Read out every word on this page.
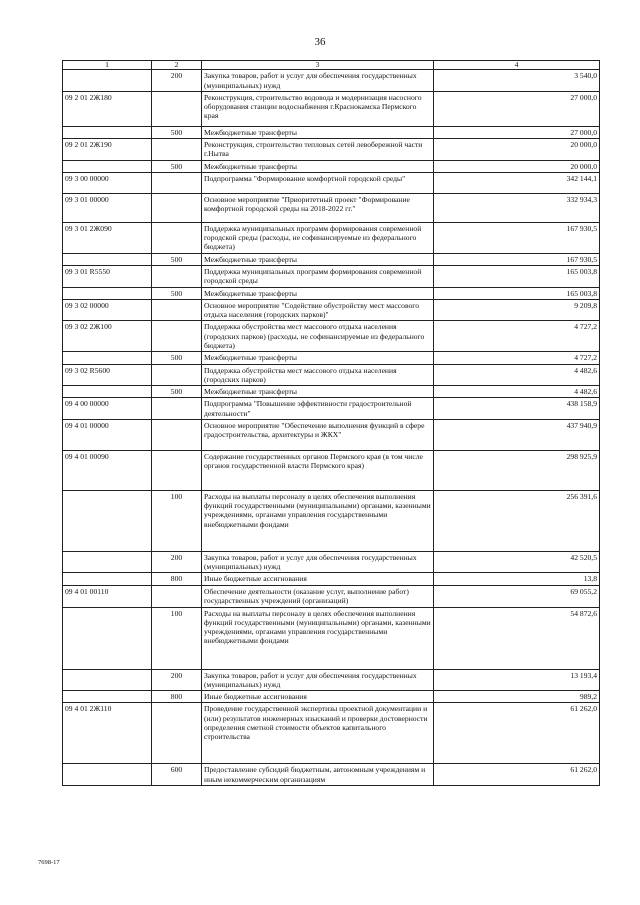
36
1	2	3	4
	200	Закупка товаров, работ и услуг для обеспечения государственных (муниципальных) нужд	3 540,0
09 2 01 2Ж180		Реконструкция, строительство водовода и модернизация насосного оборудования станции водоснабжения г.Краснокамска Пермского края	27 000,0
	500	Межбюджетные трансферты	27 000,0
09 2 01 2Ж190		Реконструкция, строительство тепловых сетей левобережной части г.Нытва	20 000,0
	500	Межбюджетные трансферты	20 000,0
09 3 00 00000		Подпрограмма "Формирование комфортной городской среды"	342 144,1
09 3 01 00000		Основное мероприятие "Приоритетный проект "Формирование комфортной городской среды на 2018-2022 гг."	332 934,3
09 3 01 2Ж090		Поддержка муниципальных программ формирования современной городской среды (расходы, не софинансируемые из федерального бюджета)	167 930,5
	500	Межбюджетные трансферты	167 930,5
09 3 01 R5550		Поддержка муниципальных программ формирования современной городской среды	165 003,8
	500	Межбюджетные трансферты	165 003,8
09 3 02 00000		Основное мероприятие "Содействие обустройству мест массового отдыха населения (городских парков)"	9 209,8
09 3 02 2Ж100		Поддержка обустройства мест массового отдыха населения (городских парков) (расходы, не софинансируемые из федерального бюджета)	4 727,2
	500	Межбюджетные трансферты	4 727,2
09 3 02 R5600		Поддержка обустройства мест массового отдыха населения (городских парков)	4 482,6
	500	Межбюджетные трансферты	4 482,6
09 4 00 00000		Подпрограмма "Повышение эффективности градостроительной деятельности"	438 158,9
09 4 01 00000		Основное мероприятие "Обеспечение выполнения функций в сфере градостроительства, архитектуры и ЖКХ"	437 940,9
09 4 01 00090		Содержание государственных органов Пермского края (в том числе органов государственной власти Пермского края)	298 925,9
	100	Расходы на выплаты персоналу в целях обеспечения выполнения функций государственными (муниципальными) органами, казенными учреждениями, органами управления государственными внебюджетными фондами	256 391,6
	200	Закупка товаров, работ и услуг для обеспечения государственных (муниципальных) нужд	42 520,5
	800	Иные бюджетные ассигнования	13,8
09 4 01 00110		Обеспечение деятельности (оказание услуг, выполнение работ) государственных учреждений (организаций)	69 055,2
	100	Расходы на выплаты персоналу в целях обеспечения выполнения функций государственными (муниципальными) органами, казенными учреждениями, органами управления государственными внебюджетными фондами	54 872,6
	200	Закупка товаров, работ и услуг для обеспечения государственных (муниципальных) нужд	13 193,4
	800	Иные бюджетные ассигнования	989,2
09 4 01 2Ж110		Проведение государственной экспертизы проектной документации и (или) результатов инженерных изысканий и проверки достоверности определения сметной стоимости объектов капитального строительства	61 262,0
	600	Предоставление субсидий бюджетным, автономным учреждениям и иным некоммерческим организациям	61 262,0
7698-17
